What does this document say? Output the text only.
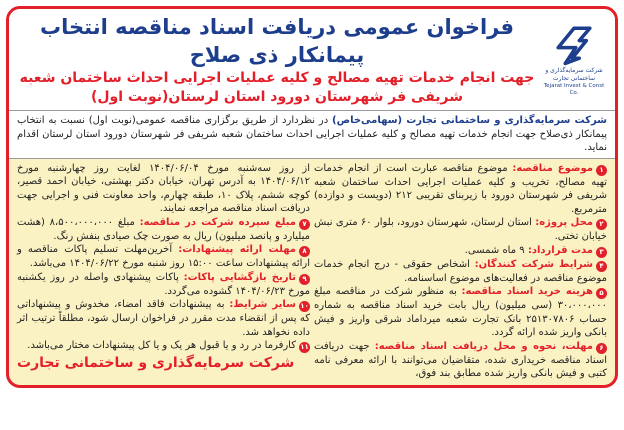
شرکت سرمایه‌گذاری و ساختمانی تجارت
Tejarat Invest & Const Co.
فراخوان عمومی دریافت اسناد مناقصه انتخاب پیمانکار ذی صلاح
جهت انجام خدمات تهیه مصالح و کلیه عملیات اجرایی احداث ساختمان شعبه
شریفی فر شهرستان دورود استان لرستان(نوبت اول)
شرکت سرمایه‌گذاری و ساختمانی تجارت (سهامی‌خاص) در نظردارد از طریق برگزاری مناقصه عمومی(نوبت اول) نسبت به انتخاب پیمانکار ذی‌صلاح جهت انجام خدمات تهیه مصالح و کلیه عملیات اجرایی احداث ساختمان شعبه شریفی فر شهرستان دورود استان لرستان اقدام نماید.

۱موضوع مناقصه: موضوع مناقصه عبارت است از انجام خدمات تهیه مصالح، تخریب و کلیه عملیات اجرایی احداث ساختمان شعبه شریفی فر شهرستان دورود با زیربنای تقریبی ۲۱۲ (دویست و دوازده) مترمربع.

۲محل پروژه: استان لرستان، شهرستان دورود، بلوار ۶۰ متری نبش خیابان تختی.

۳مدت قرارداد: ۹ ماه شمسی.

۴شرایط شرکت کنندگان: اشخاص حقوقی - درج انجام خدمات موضوع مناقصه در فعالیت‌های موضوع اساسنامه.

۵هزینه خرید اسناد مناقصه: به منظور شرکت در مناقصه مبلغ ۳۰،۰۰۰،۰۰۰ (سی میلیون) ریال بابت خرید اسناد مناقصه به شماره حساب ۲۵۱۳۰۷۸۰۶ بانک تجارت شعبه میرداماد شرقی واریز و فیش بانکی واریز شده ارائه گردد.

۶مهلت، نحوه و محل دریافت اسناد مناقصه: جهت دریافت اسناد مناقصه خریداری شده، متقاضیان می‌توانند با ارائه معرفی نامه کتبی و فیش بانکی واریز شده مطابق بند فوق،

از روز سه‌شنبه مورخ ۱۴۰۴/۰۶/۰۴ لغایت روز چهارشنبه مورخ ۱۴۰۴/۰۶/۱۲ به آدرس تهران، خیابان دکتر بهشتی، خیابان احمد قصیر، کوچه ششم، پلاک ۱۰، طبقه چهارم، واحد معاونت فنی و اجرایی جهت دریافت اسناد مناقصه مراجعه نمایند.

۷مبلغ سپرده شرکت در مناقصه: مبلغ ۸،۵۰۰،۰۰۰،۰۰۰ (هشت میلیارد و پانصد میلیون) ریال به صورت چک صیادی بنفش رنگ.

۸مهلت ارائه پیشنهادات: آخرین‌مهلت تسلیم پاکات مناقصه و ارائه پیشنهادات ساعت ۱۵:۰۰ روز شنبه مورخ ۱۴۰۴/۰۶/۲۲ می‌باشد.

۹تاریخ بازگشایی پاکات: پاکات پیشنهادی واصله در روز یکشنبه مورخ ۱۴۰۴/۰۶/۲۳ گشوده می‌گردد.

۱۰سایر شرایط: به پیشنهادات فاقد امضاء، مخدوش و پیشنهاداتی که پس از انقضاء مدت مقرر در فراخوان ارسال شود، مطلقاً ترتیب اثر داده نخواهد شد.

۱۱کارفرما در رد و یا قبول هر یک و یا کل پیشنهادات مختار می‌باشد.

شرکت سرمایه‌گذاری و ساختمانی تجارت
